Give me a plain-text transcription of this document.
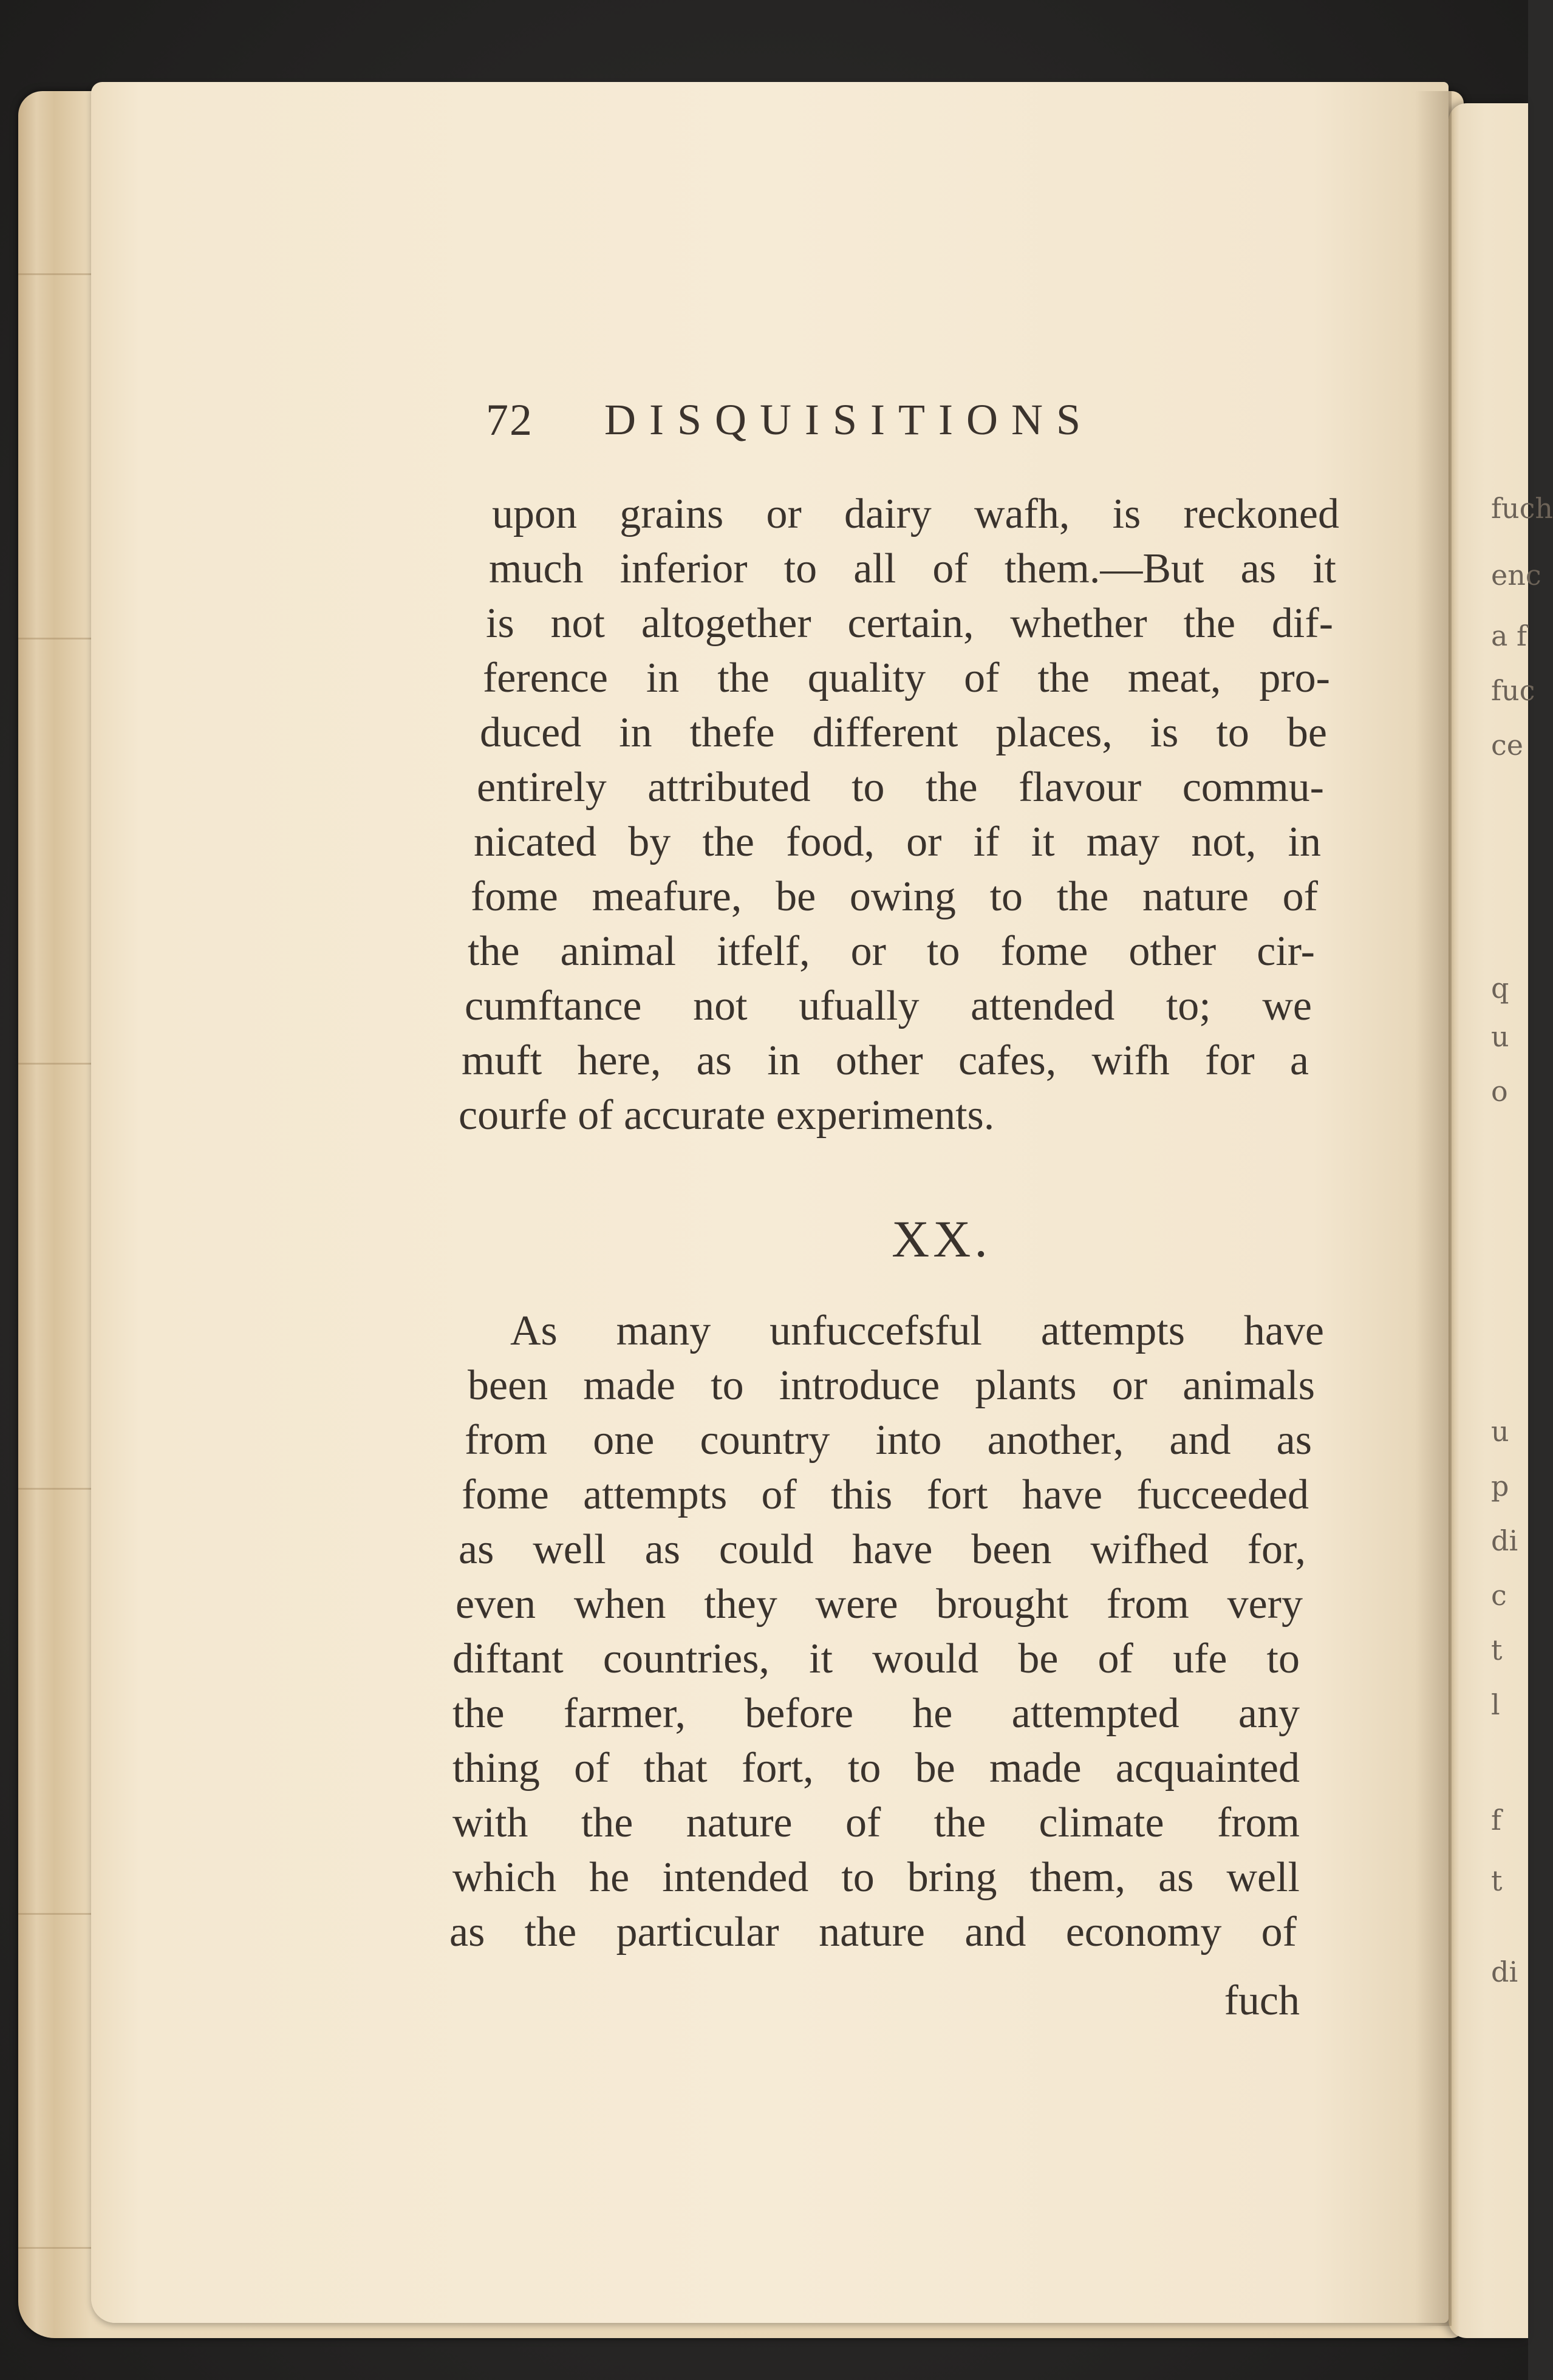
fuch
enc
a f
fuc
ce
q
u
o
u
p
di
c
t
l
f
t
di

72 DISQUISITIONS
upon grains or dairy wafh, is reckoned
much inferior to all of them.—But as it
is not altogether certain, whether the dif-
ference in the quality of the meat, pro-
duced in thefe different places, is to be
entirely attributed to the flavour commu-
nicated by the food, or if it may not, in
fome meafure, be owing to the nature of
the animal itfelf, or to fome other cir-
cumftance not ufually attended to; we
muft here, as in other cafes, wifh for a
courfe of accurate experiments.
XX.
As many unfuccefsful attempts have
been made to introduce plants or animals
from one country into another, and as
fome attempts of this fort have fucceeded
as well as could have been wifhed for,
even when they were brought from very
diftant countries, it would be of ufe to
the farmer, before he attempted any
thing of that fort, to be made acquainted
with the nature of the climate from
which he intended to bring them, as well
as the particular nature and economy of
fuch
